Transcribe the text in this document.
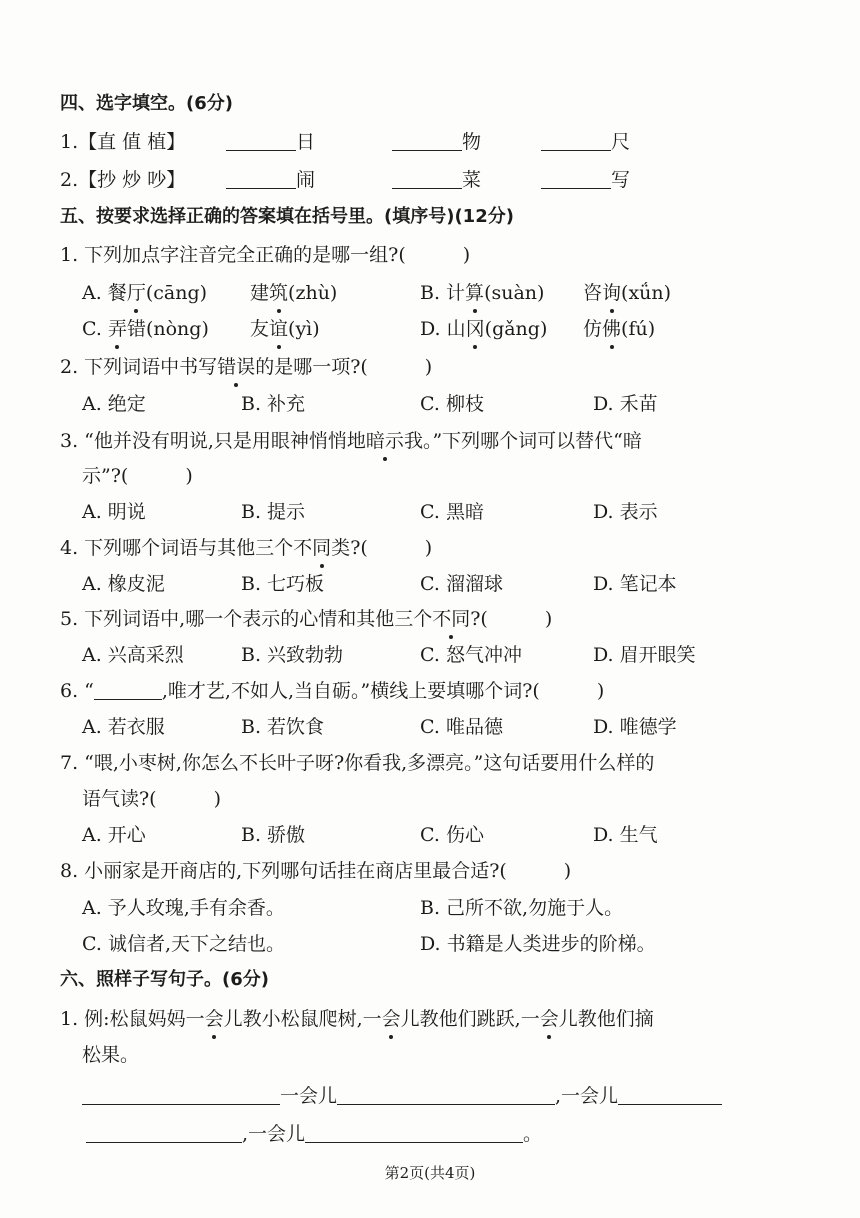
四、选字填空。(6分)
1.【直 值 植】	日	物	尺
2.【抄 炒 吵】	闹	菜	写
五、按要求选择正确的答案填在括号里。(填序号)(12分)
1. 下列加点字注音完全正确的是哪一组?(　　　)
A. 餐厅(cāng) 建筑(zhù)	B. 计算(suàn) 咨询(xǘn)
C. 弄错(nòng) 友谊(yì)	D. 山冈(gǎng) 仿佛(fú)
2. 下列词语中书写错误的是哪一项?(　　　)
A. 绝定	B. 补充	C. 柳枝	D. 禾苗
3. “他并没有明说,只是用眼神悄悄地暗示我。”下列哪个词可以替代“暗
示”?(　　　)
A. 明说	B. 提示	C. 黑暗	D. 表示
4. 下列哪个词语与其他三个不同类?(　　　)
A. 橡皮泥	B. 七巧板	C. 溜溜球	D. 笔记本
5. 下列词语中,哪一个表示的心情和其他三个不同?(　　　)
A. 兴高采烈	B. 兴致勃勃	C. 怒气冲冲	D. 眉开眼笑
6. “	,唯才艺,不如人,当自砺。”横线上要填哪个词?(　　　)
A. 若衣服	B. 若饮食	C. 唯品德	D. 唯德学
7. “喂,小枣树,你怎么不长叶子呀?你看我,多漂亮。”这句话要用什么样的
语气读?(　　　)
A. 开心	B. 骄傲	C. 伤心	D. 生气
8. 小丽家是开商店的,下列哪句话挂在商店里最合适?(　　　)
A. 予人玫瑰,手有余香。	B. 己所不欲,勿施于人。
C. 诚信者,天下之结也。	D. 书籍是人类进步的阶梯。
六、照样子写句子。(6分)
1. 例:松鼠妈妈一会儿教小松鼠爬树,一会儿教他们跳跃,一会儿教他们摘
松果。
一会儿	,一会儿
,一会儿	。
第2页(共4页)
